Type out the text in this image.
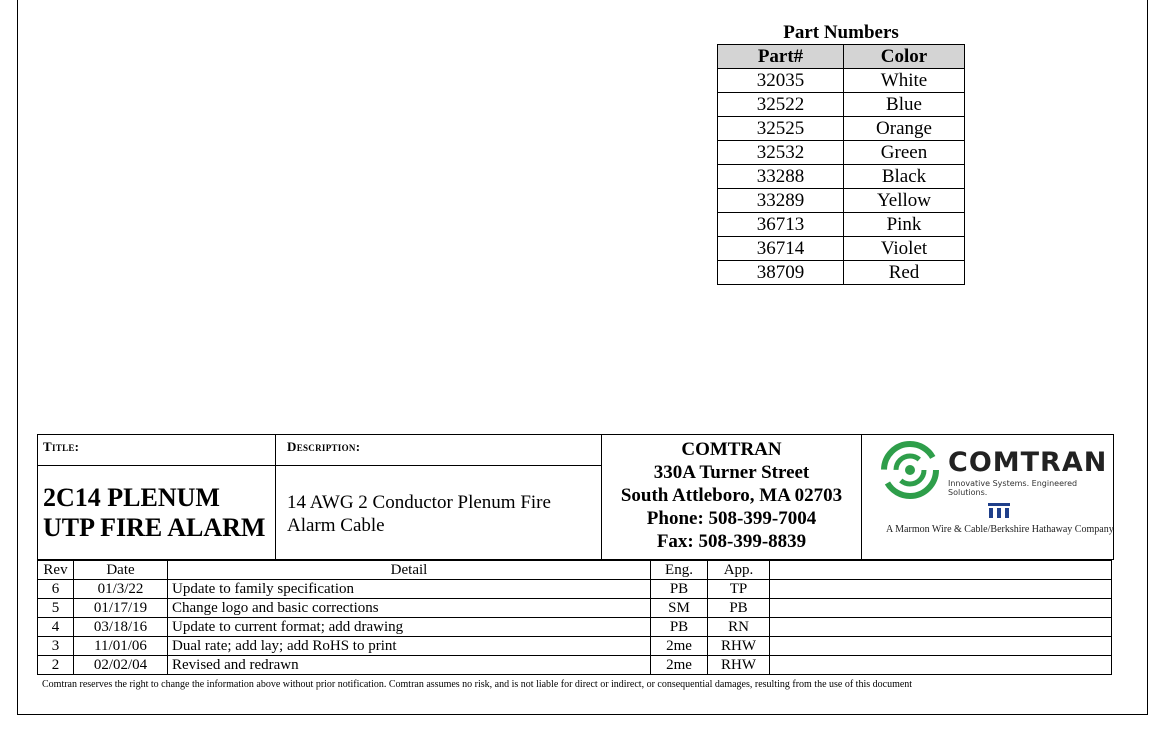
Part Numbers
Part#	Color
32035	White
32522	Blue
32525	Orange
32532	Green
33288	Black
33289	Yellow
36713	Pink
36714	Violet
38709	Red
Title:
2C14 PLENUM
UTP FIRE ALARM
Description:
14 AWG 2 Conductor Plenum Fire Alarm Cable
COMTRAN
330A Turner Street
South Attleboro, MA 02703
Phone: 508-399-7004
Fax: 508-399-8839
COMTRAN
Innovative Systems. Engineered Solutions.
A Marmon Wire & Cable/Berkshire Hathaway Company
Rev	Date	Detail	Eng.	App.	
6	01/3/22	Update to family specification	PB	TP	
5	01/17/19	Change logo and basic corrections	SM	PB	
4	03/18/16	Update to current format; add drawing	PB	RN	
3	11/01/06	Dual rate; add lay; add RoHS to print	2me	RHW	
2	02/02/04	Revised and redrawn	2me	RHW	
Comtran reserves the right to change the information above without prior notification. Comtran assumes no risk, and is not liable for direct or indirect, or consequential damages, resulting from the use of this document
